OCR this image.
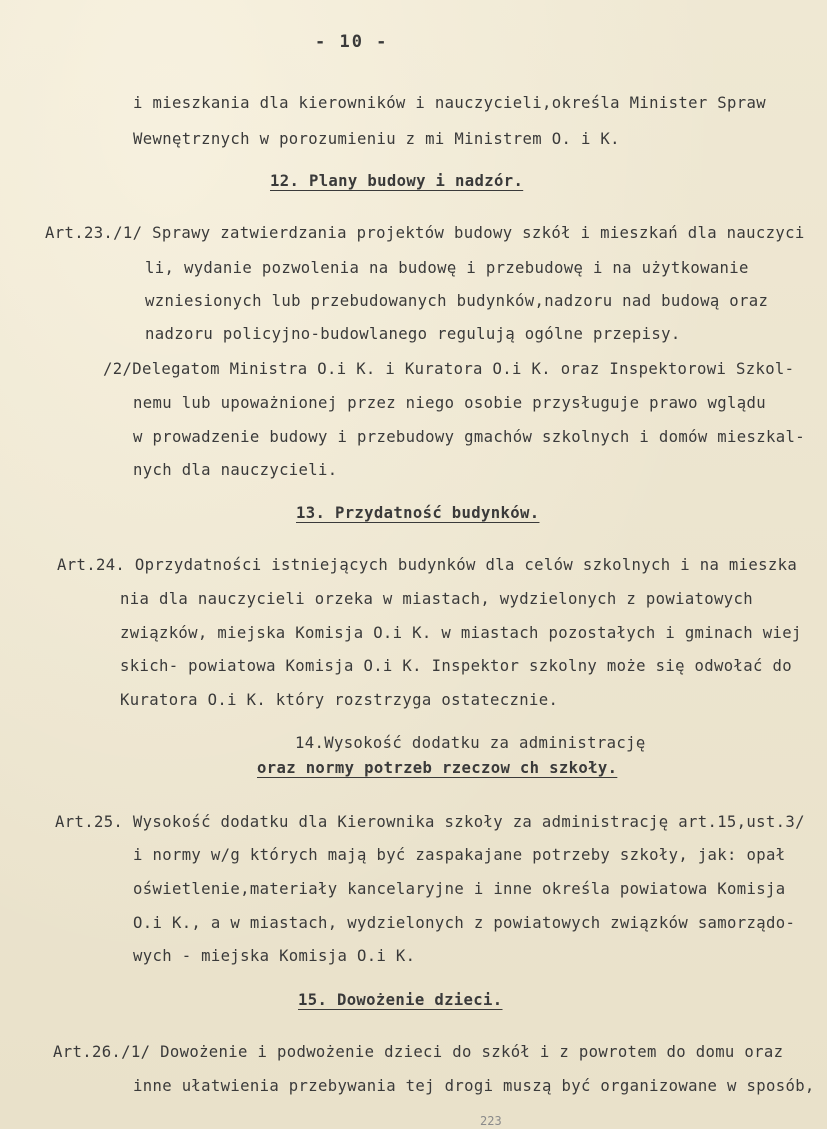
- 10 -
i mieszkania dla kierowników i nauczycieli,określa Minister Spraw
Wewnętrznych w porozumieniu z mi Ministrem O. i K.
12. Plany budowy i nadzór.
Art.23./1/ Sprawy zatwierdzania projektów budowy szkół i mieszkań dla nauczyci
li, wydanie pozwolenia na budowę i przebudowę i na użytkowanie
wzniesionych lub przebudowanych budynków,nadzoru nad budową oraz
nadzoru policyjno-budowlanego regulują ogólne przepisy.
/2/Delegatom Ministra O.i K. i Kuratora O.i K. oraz Inspektorowi Szkol-
nemu lub upoważnionej przez niego osobie przysługuje prawo wglądu
w prowadzenie budowy i przebudowy gmachów szkolnych i domów mieszkal-
nych dla nauczycieli.
13. Przydatność budynków.
Art.24. Oprzydatności istniejących budynków dla celów szkolnych i na mieszka
nia dla nauczycieli orzeka w miastach, wydzielonych z powiatowych
związków, miejska Komisja O.i K. w miastach pozostałych i gminach wiej
skich- powiatowa Komisja O.i K. Inspektor szkolny może się odwołać do
Kuratora O.i K. który rozstrzyga ostatecznie.
14.Wysokość dodatku za administrację
oraz normy potrzeb rzeczow ch szkoły.
Art.25. Wysokość dodatku dla Kierownika szkoły za administrację art.15,ust.3/
i normy w/g których mają być zaspakajane potrzeby szkoły, jak: opał
oświetlenie,materiały kancelaryjne i inne określa powiatowa Komisja
O.i K., a w miastach, wydzielonych z powiatowych związków samorządo-
wych - miejska Komisja O.i K.
15. Dowożenie dzieci.
Art.26./1/ Dowożenie i podwożenie dzieci do szkół i z powrotem do domu oraz
inne ułatwienia przebywania tej drogi muszą być organizowane w sposób,
223
